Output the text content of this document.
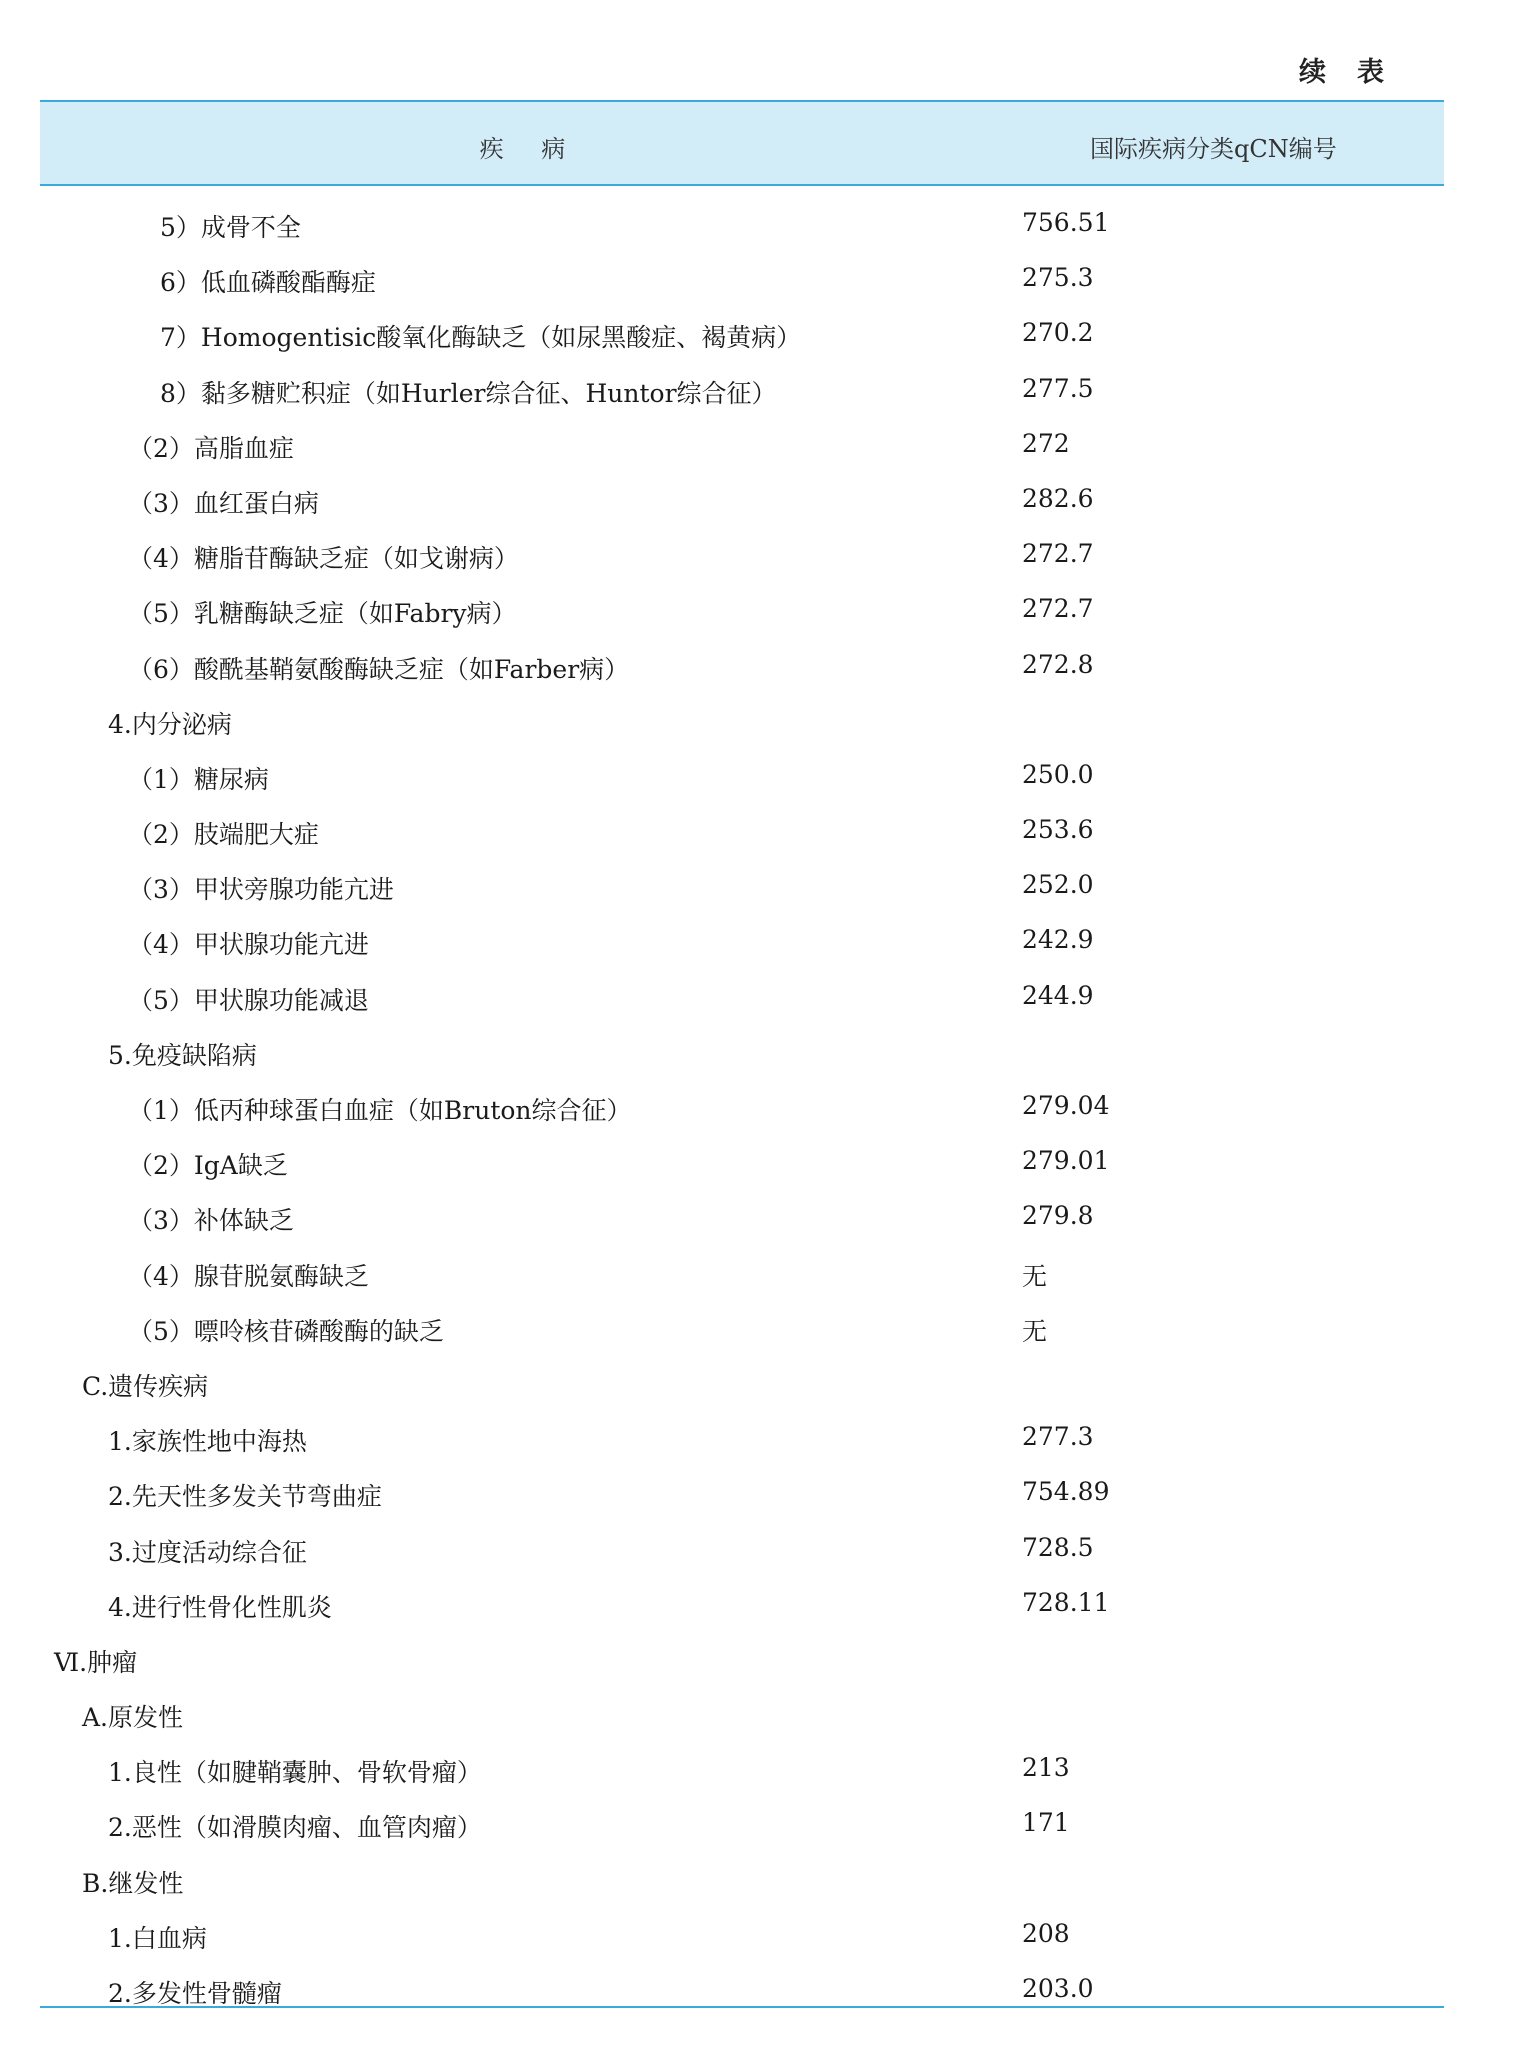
续　表
疾 病	国际疾病分类qCN编号
5）成骨不全	756.51
6）低血磷酸酯酶症	275.3
7）Homogentisic酸氧化酶缺乏（如尿黑酸症、褐黄病）	270.2
8）黏多糖贮积症（如Hurler综合征、Huntor综合征）	277.5
（2）高脂血症	272
（3）血红蛋白病	282.6
（4）糖脂苷酶缺乏症（如戈谢病）	272.7
（5）乳糖酶缺乏症（如Fabry病）	272.7
（6）酸酰基鞘氨酸酶缺乏症（如Farber病）	272.8
4.内分泌病
（1）糖尿病	250.0
（2）肢端肥大症	253.6
（3）甲状旁腺功能亢进	252.0
（4）甲状腺功能亢进	242.9
（5）甲状腺功能减退	244.9
5.免疫缺陷病
（1）低丙种球蛋白血症（如Bruton综合征）	279.04
（2）IgA缺乏	279.01
（3）补体缺乏	279.8
（4）腺苷脱氨酶缺乏	无
（5）嘌呤核苷磷酸酶的缺乏	无
C.遗传疾病
1.家族性地中海热	277.3
2.先天性多发关节弯曲症	754.89
3.过度活动综合征	728.5
4.进行性骨化性肌炎	728.11
Ⅵ.肿瘤
A.原发性
1.良性（如腱鞘囊肿、骨软骨瘤）	213
2.恶性（如滑膜肉瘤、血管肉瘤）	171
B.继发性
1.白血病	208
2.多发性骨髓瘤	203.0
